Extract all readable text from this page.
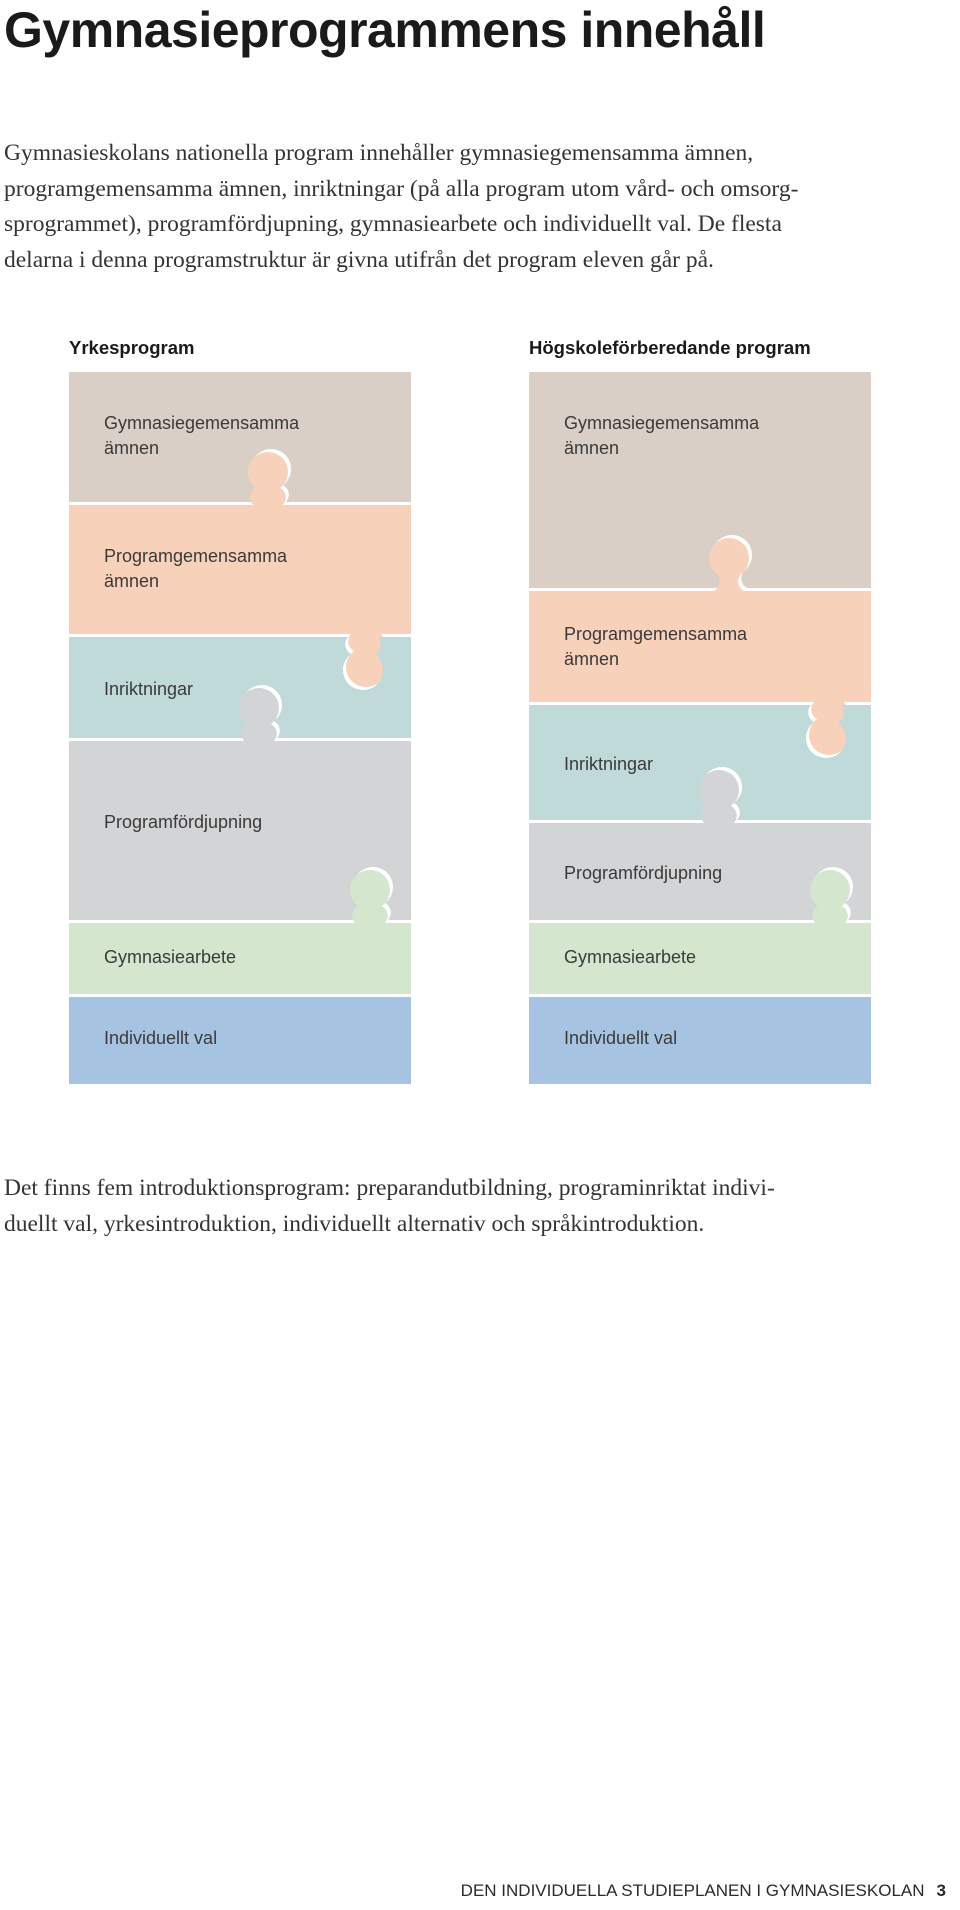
Gymnasieprogrammens innehåll

Gymnasieskolans nationella program innehåller gymnasiegemensamma ämnen,
programgemensamma ämnen, inriktningar (på alla program utom vård- och omsorg-
sprogrammet), programfördjupning, gymnasiearbete och individuellt val. De flesta
delarna i denna programstruktur är givna utifrån det program eleven går på.

Yrkesprogram

Gymnasiegemensamma
ämnen

Programgemensamma
ämnen

Inriktningar

Programfördjupning

Gymnasiearbete

Individuellt val

Högskoleförberedande program

Gymnasiegemensamma
ämnen

Programgemensamma
ämnen

Inriktningar

Programfördjupning

Gymnasiearbete

Individuellt val

Det finns fem introduktionsprogram: preparandutbildning, programinriktat indivi-
duellt val, yrkesintroduktion, individuellt alternativ och språkintroduktion.

DEN INDIVIDUELLA STUDIEPLANEN I GYMNASIESKOLAN 3
